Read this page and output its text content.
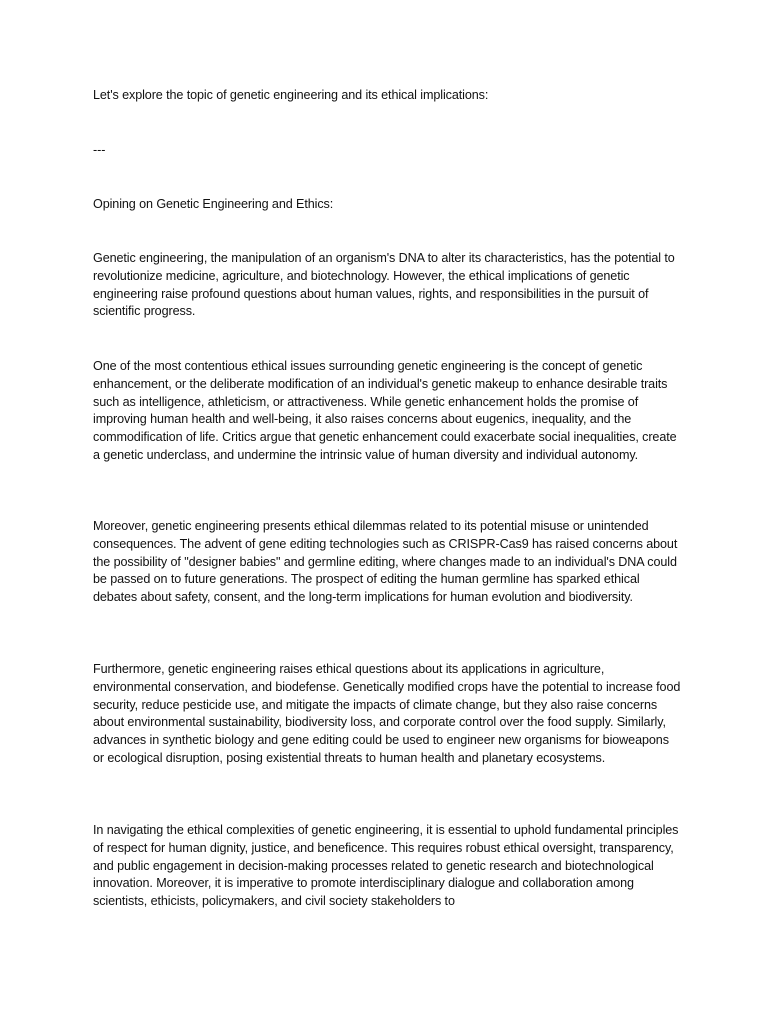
Let's explore the topic of genetic engineering and its ethical implications:

---

Opining on Genetic Engineering and Ethics:

Genetic engineering, the manipulation of an organism's DNA to alter its characteristics, has the potential to revolutionize medicine, agriculture, and biotechnology. However, the ethical implications of genetic engineering raise profound questions about human values, rights, and responsibilities in the pursuit of scientific progress.

One of the most contentious ethical issues surrounding genetic engineering is the concept of genetic enhancement, or the deliberate modification of an individual's genetic makeup to enhance desirable traits such as intelligence, athleticism, or attractiveness. While genetic enhancement holds the promise of improving human health and well-being, it also raises concerns about eugenics, inequality, and the commodification of life. Critics argue that genetic enhancement could exacerbate social inequalities, create a genetic underclass, and undermine the intrinsic value of human diversity and individual autonomy.

Moreover, genetic engineering presents ethical dilemmas related to its potential misuse or unintended consequences. The advent of gene editing technologies such as CRISPR-Cas9 has raised concerns about the possibility of "designer babies" and germline editing, where changes made to an individual's DNA could be passed on to future generations. The prospect of editing the human germline has sparked ethical debates about safety, consent, and the long-term implications for human evolution and biodiversity.

Furthermore, genetic engineering raises ethical questions about its applications in agriculture, environmental conservation, and biodefense. Genetically modified crops have the potential to increase food security, reduce pesticide use, and mitigate the impacts of climate change, but they also raise concerns about environmental sustainability, biodiversity loss, and corporate control over the food supply. Similarly, advances in synthetic biology and gene editing could be used to engineer new organisms for bioweapons or ecological disruption, posing existential threats to human health and planetary ecosystems.

In navigating the ethical complexities of genetic engineering, it is essential to uphold fundamental principles of respect for human dignity, justice, and beneficence. This requires robust ethical oversight, transparency, and public engagement in decision-making processes related to genetic research and biotechnological innovation. Moreover, it is imperative to promote interdisciplinary dialogue and collaboration among scientists, ethicists, policymakers, and civil society stakeholders to
